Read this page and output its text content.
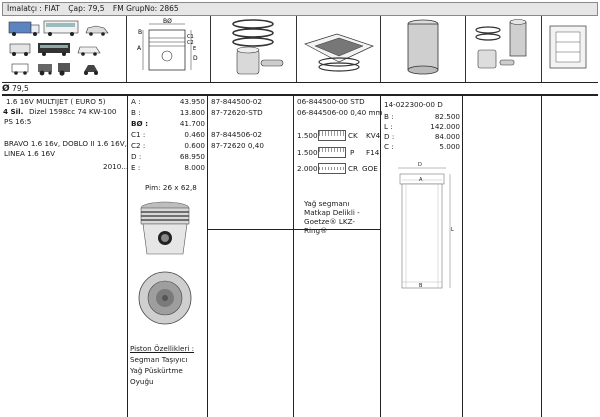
İmalatçı : FIAT Çap: 79,5 FM GrupNo: 2865
BØ
B
A
C1
C2
E
D
Ø 79,5
1.6 16V MULTIJET ( EURO 5)
4 Sil. Dizel 1598cc 74 KW-100
PS 16:5
BRAVO 1.6 16v, DOBLO II 1.6 16V,
LINEA 1.6 16V
2010...
A :	43.950
B :	13.800
BØ :	41.700
C1 :	0.460
C2 :	0.600
D :	68.950
E :	8.000
Pim: 26 x 62,8
Piston Özellikleri :
Segman Taşıyıcı
Yağ Püskürtme
Oyuğu
87-844500-02
87-72620-STD
87-844506-02
87-72620 0,40
06-844500-00 STD
06-844506-00 0,40 mm
1.500	CK KV4
1.500	P F14
2.000	CR GOE
Yağ segmanı Matkap Delikli - Goetze® LKZ-Ring®
14-022300-00 D
B :	82.500
L :	142.000
D :	84.000
C :	5.000
D
A
B
L
